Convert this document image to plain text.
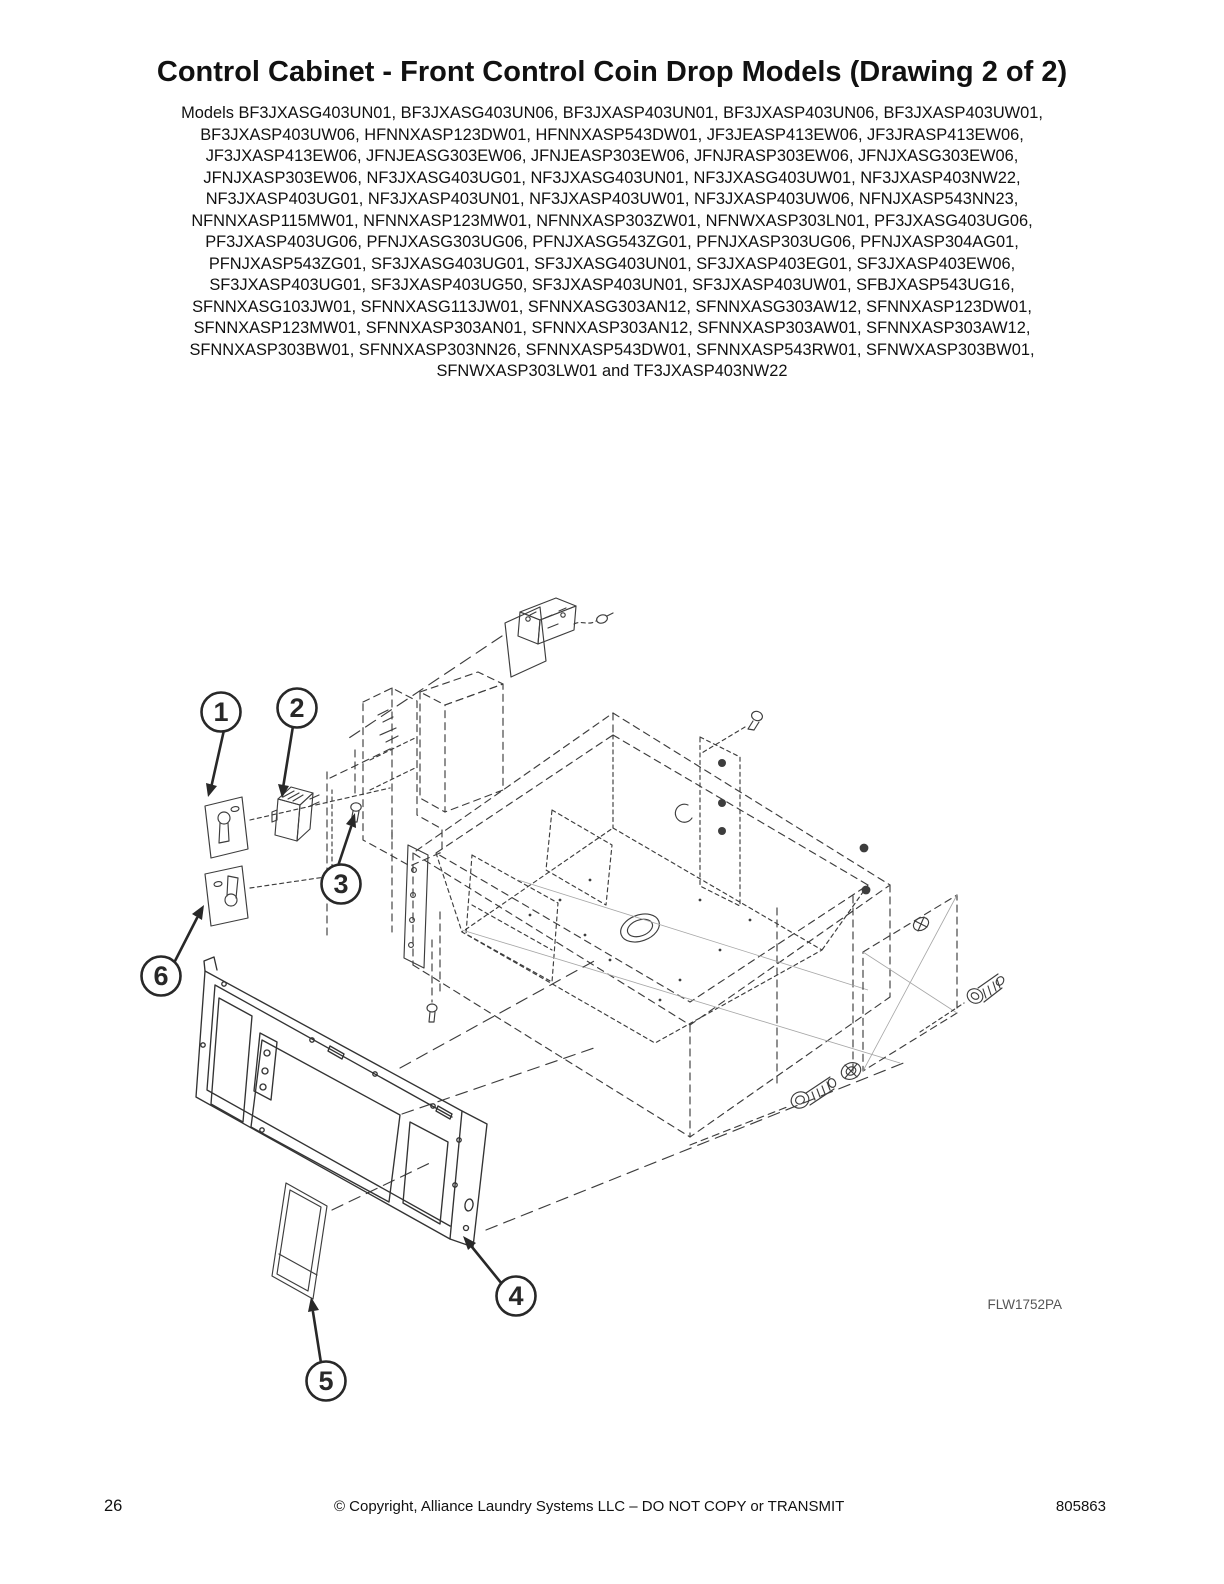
Control Cabinet - Front Control Coin Drop Models (Drawing 2 of 2)
Models BF3JXASG403UN01, BF3JXASG403UN06, BF3JXASP403UN01, BF3JXASP403UN06, BF3JXASP403UW01,
BF3JXASP403UW06, HFNNXASP123DW01, HFNNXASP543DW01, JF3JEASP413EW06, JF3JRASP413EW06,
JF3JXASP413EW06, JFNJEASG303EW06, JFNJEASP303EW06, JFNJRASP303EW06, JFNJXASG303EW06,
JFNJXASP303EW06, NF3JXASG403UG01, NF3JXASG403UN01, NF3JXASG403UW01, NF3JXASP403NW22,
NF3JXASP403UG01, NF3JXASP403UN01, NF3JXASP403UW01, NF3JXASP403UW06, NFNJXASP543NN23,
NFNNXASP115MW01, NFNNXASP123MW01, NFNNXASP303ZW01, NFNWXASP303LN01, PF3JXASG403UG06,
PF3JXASP403UG06, PFNJXASG303UG06, PFNJXASG543ZG01, PFNJXASP303UG06, PFNJXASP304AG01,
PFNJXASP543ZG01, SF3JXASG403UG01, SF3JXASG403UN01, SF3JXASP403EG01, SF3JXASP403EW06,
SF3JXASP403UG01, SF3JXASP403UG50, SF3JXASP403UN01, SF3JXASP403UW01, SFBJXASP543UG16,
SFNNXASG103JW01, SFNNXASG113JW01, SFNNXASG303AN12, SFNNXASG303AW12, SFNNXASP123DW01,
SFNNXASP123MW01, SFNNXASP303AN01, SFNNXASP303AN12, SFNNXASP303AW01, SFNNXASP303AW12,
SFNNXASP303BW01, SFNNXASP303NN26, SFNNXASP543DW01, SFNNXASP543RW01, SFNWXASP303BW01,
SFNWXASP303LW01 and TF3JXASP403NW22
1 2
3
6
4
5
FLW1752PA
26	© Copyright, Alliance Laundry Systems LLC – DO NOT COPY or TRANSMIT	805863
